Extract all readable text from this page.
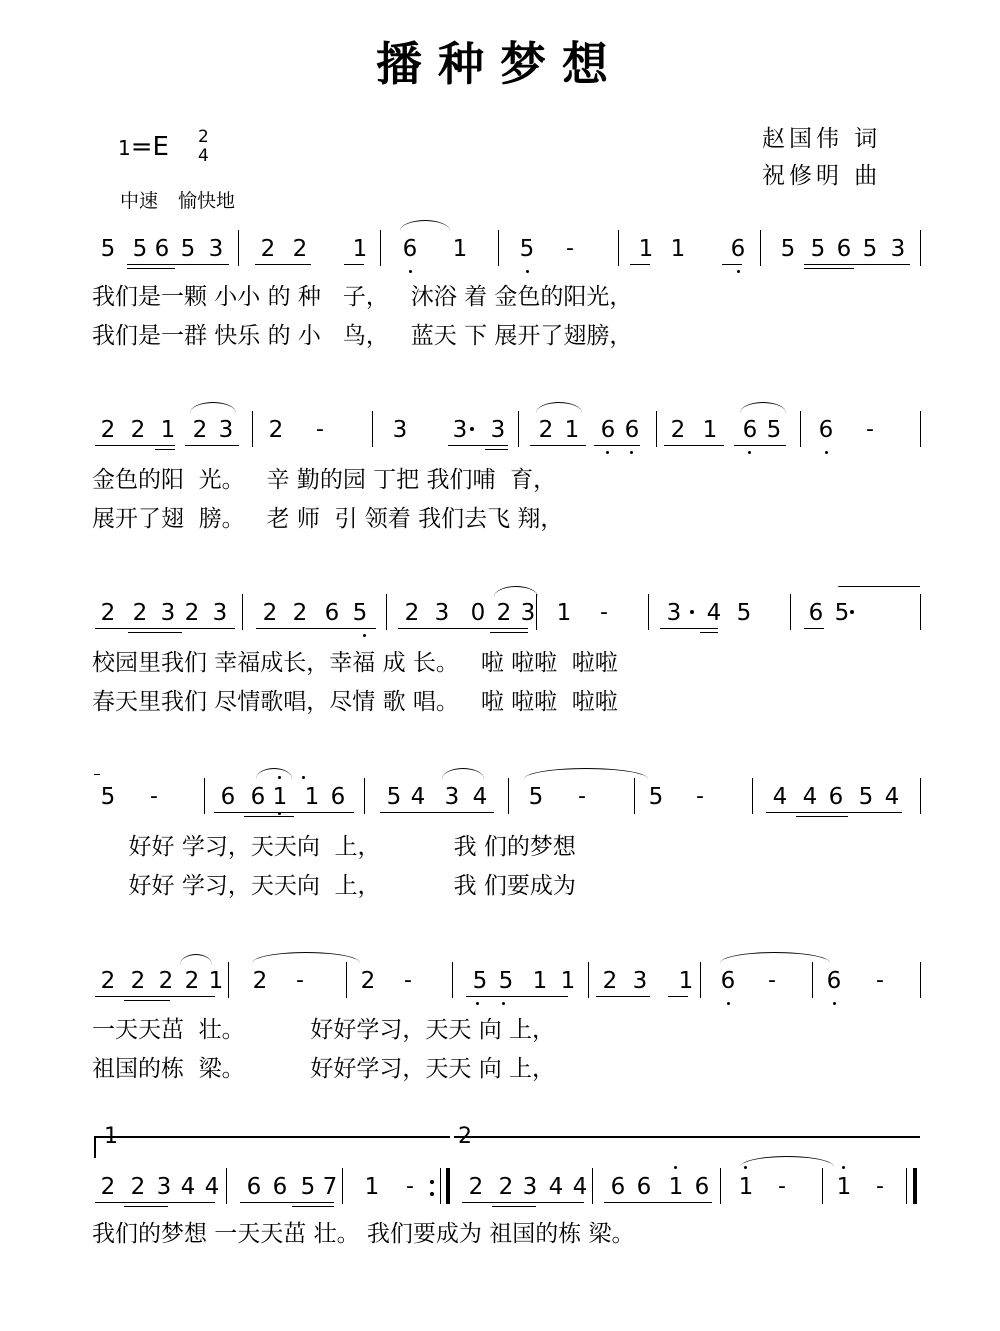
播种梦想
1=E 2
4
中速 愉快地
赵国伟 词
祝修明 曲
5 5 6 5 3 2 2 1 6 1 5 -	1 1 6 5 5 6 5 3
2 2 1 2 3 2 -	3 3 3 2 1 6 6 2 1 6 5 6 -
2 2 3 2 3 2 2 6 5 2 3 0 2 3 1 -	3 4 5 6 5
5 -	6 6 1 1 6 5 4 3 4 5 -	5 -	4 4 6 5 4
2 2 2 2 1 2 - 2 -	5 5 1 1 2 3 1 6 - 6 -
2 2 3 4 4 6 6 5 7 1 - 2 2 3 4 4 6 6 1 6 1 - 1 -
1	2
我们是一颗 小小 的 种   子，   沐浴 着 金色的阳光，
我们是一群 快乐 的 小   鸟，   蓝天 下 展开了翅膀，
金色的阳  光。   辛 勤的园 丁把 我们哺  育，
展开了翅  膀。   老 师  引 领着 我们去飞 翔，
校园里我们 幸福成长，幸福 成 长。   啦 啦啦  啦啦
春天里我们 尽情歌唱，尽情 歌 唱。   啦 啦啦  啦啦
好好 学习，天天向  上，          我 们的梦想
好好 学习，天天向  上，          我 们要成为
一天天茁  壮。         好好学习，天天 向 上，
祖国的栋  梁。         好好学习，天天 向 上，
我们的梦想 一天天茁 壮。 我们要成为 祖国的栋 梁。
